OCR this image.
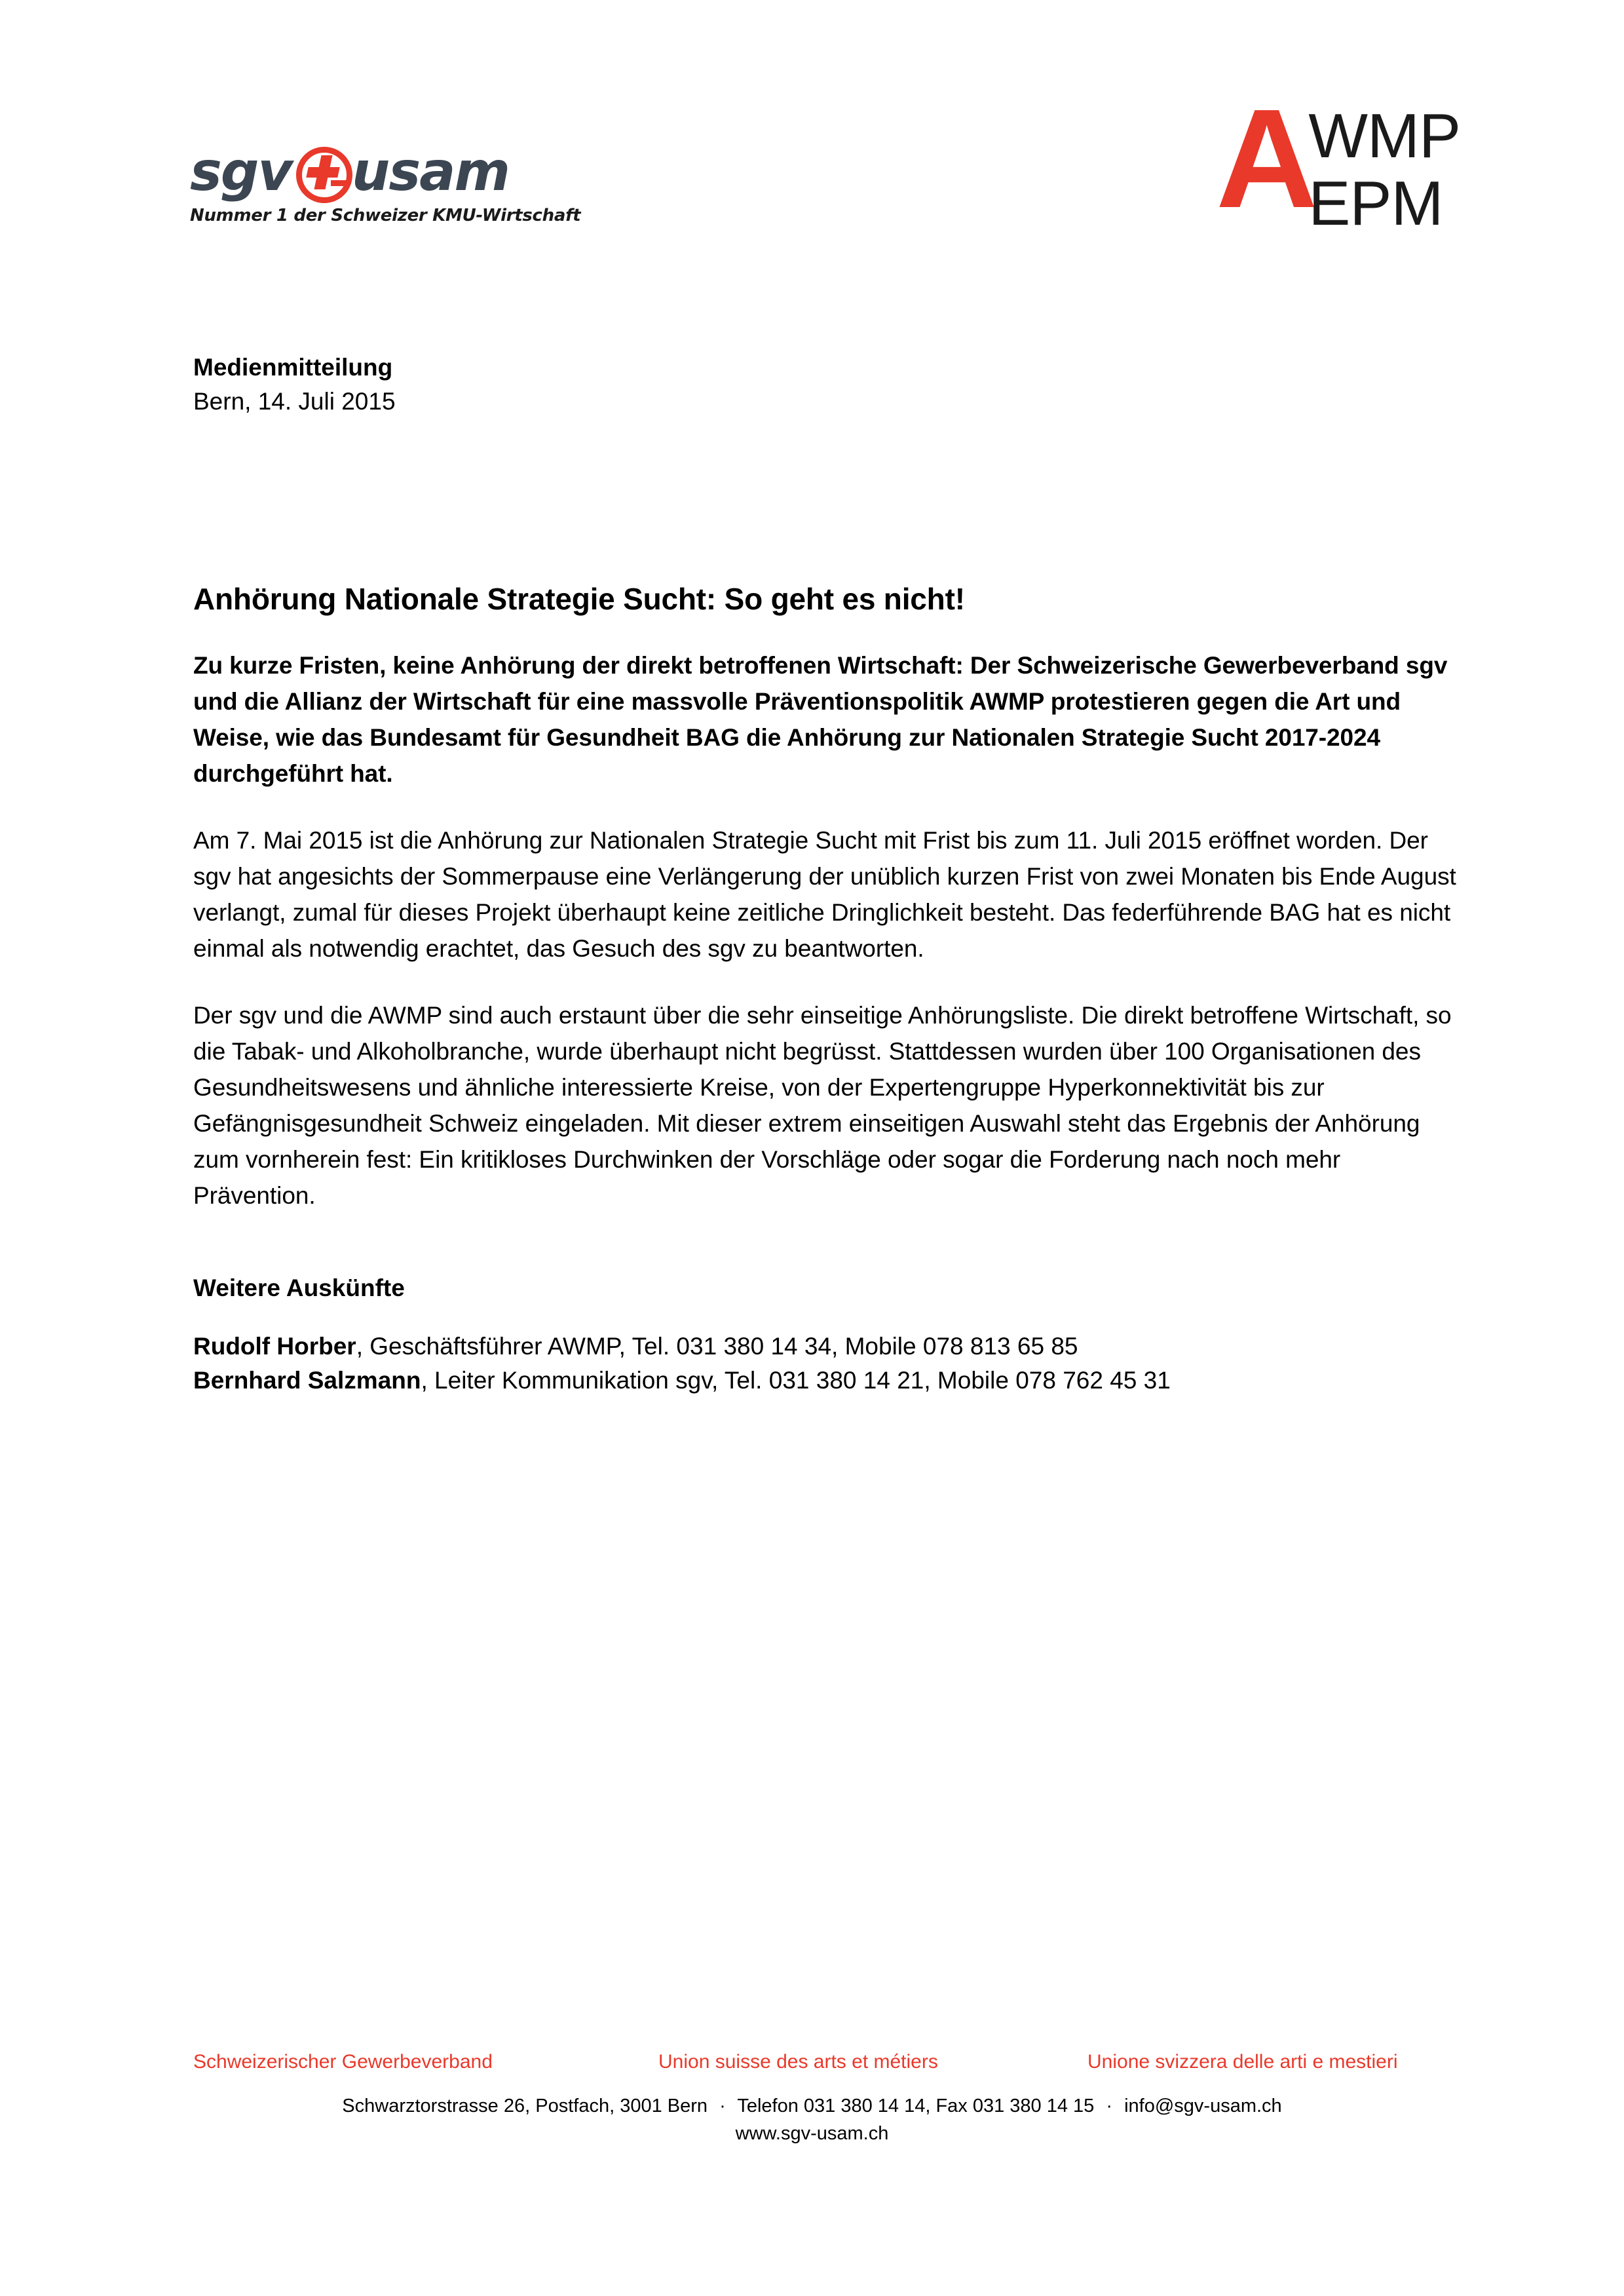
sgv usam
Nummer 1 der Schweizer KMU-Wirtschaft	A
WMP
EPM
Medienmitteilung
Bern, 14. Juli 2015
Anhörung Nationale Strategie Sucht: So geht es nicht!

Zu kurze Fristen, keine Anhörung der direkt betroffenen Wirtschaft: Der Schweizerische Gewerbeverband sgv und die Allianz der Wirtschaft für eine massvolle Präventionspolitik AWMP protestieren gegen die Art und Weise, wie das Bundesamt für Gesundheit BAG die Anhörung zur Nationalen Strategie Sucht 2017-2024 durchgeführt hat.

Am 7. Mai 2015 ist die Anhörung zur Nationalen Strategie Sucht mit Frist bis zum 11. Juli 2015 eröffnet worden. Der sgv hat angesichts der Sommerpause eine Verlängerung der unüblich kurzen Frist von zwei Monaten bis Ende August verlangt, zumal für dieses Projekt überhaupt keine zeitliche Dringlichkeit besteht. Das federführende BAG hat es nicht einmal als notwendig erachtet, das Gesuch des sgv zu beantworten.

Der sgv und die AWMP sind auch erstaunt über die sehr einseitige Anhörungsliste. Die direkt betroffene Wirtschaft, so die Tabak- und Alkoholbranche, wurde überhaupt nicht begrüsst. Stattdessen wurden über 100 Organisationen des Gesundheitswesens und ähnliche interessierte Kreise, von der Expertengruppe Hyperkonnektivität bis zur Gefängnisgesundheit Schweiz eingeladen. Mit dieser extrem einseitigen Auswahl steht das Ergebnis der Anhörung zum vornherein fest: Ein kritikloses Durchwinken der Vorschläge oder sogar die Forderung nach noch mehr Prävention.

Weitere Auskünfte
Rudolf Horber, Geschäftsführer AWMP, Tel. 031 380 14 34, Mobile 078 813 65 85
Bernhard Salzmann, Leiter Kommunikation sgv, Tel. 031 380 14 21, Mobile 078 762 45 31
Schweizerischer Gewerbeverband	Union suisse des arts et métiers	Unione svizzera delle arti e mestieri
Schwarztorstrasse 26, Postfach, 3001 Bern · Telefon 031 380 14 14, Fax 031 380 14 15 · info@sgv-usam.ch
www.sgv-usam.ch
